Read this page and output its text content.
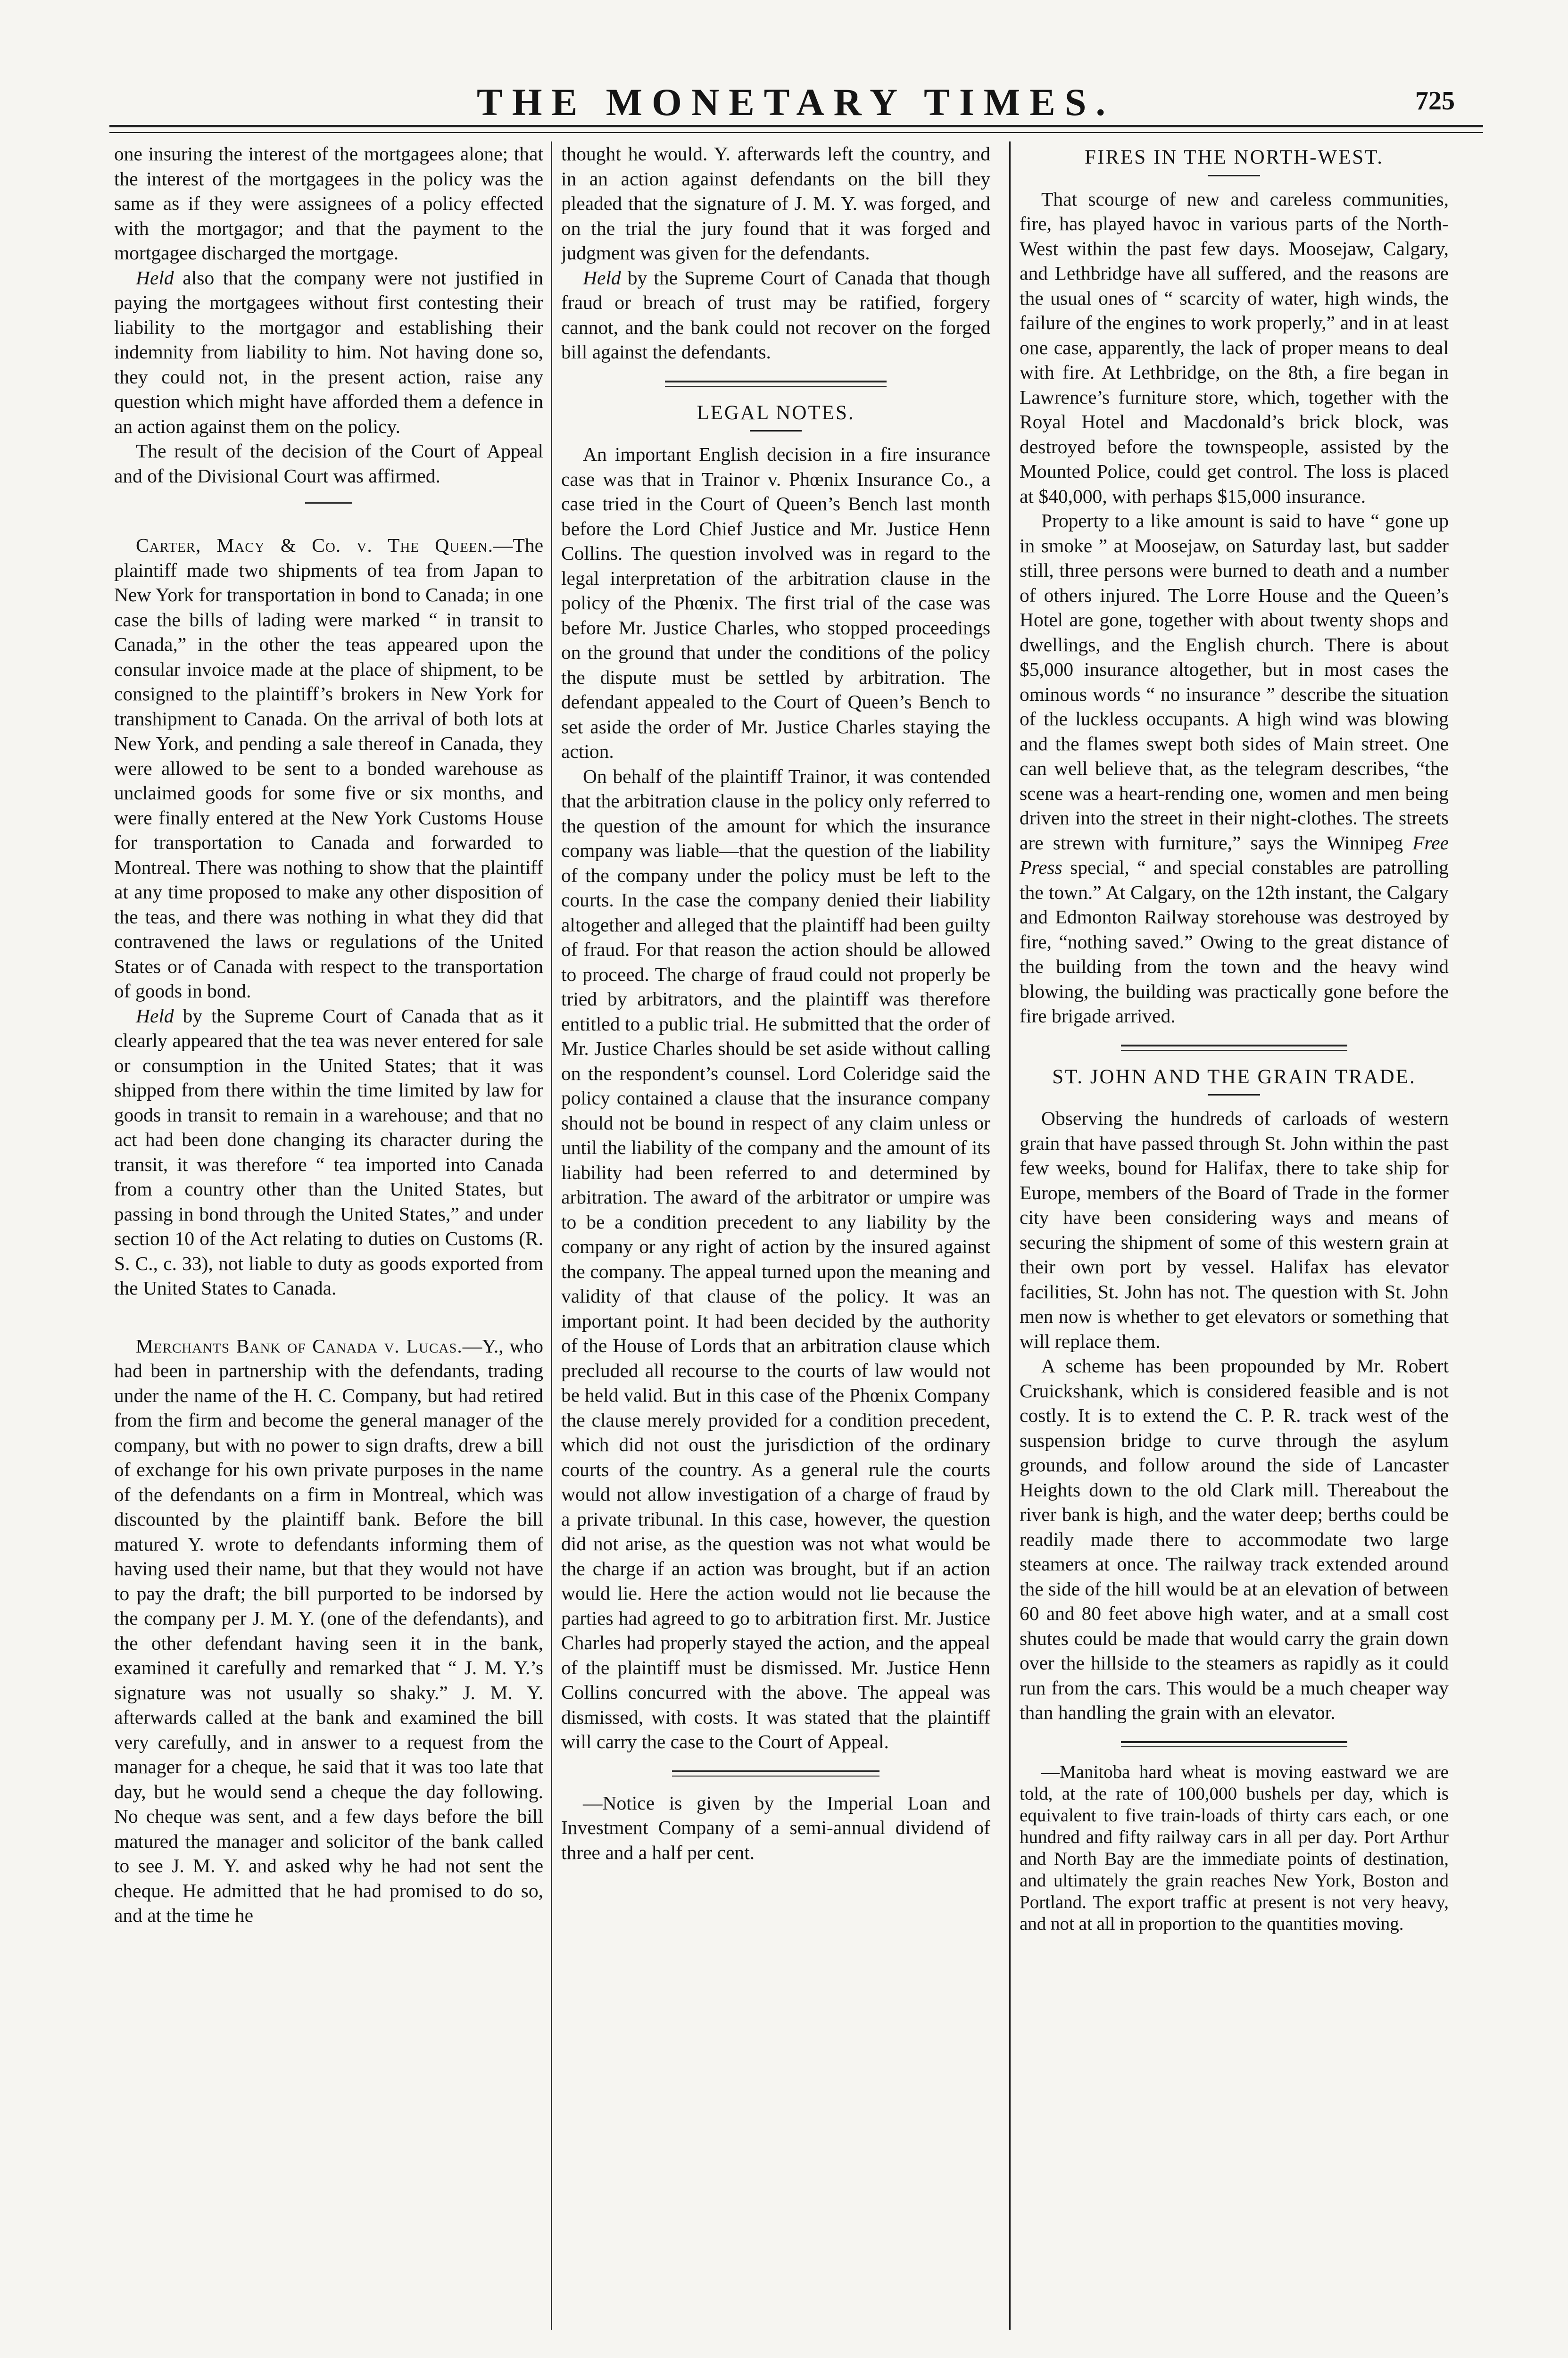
THE MONETARY TIMES.	725

one insuring the interest of the mortgagees alone; that the interest of the mortgagees in the policy was the same as if they were assignees of a policy effected with the mortgagor; and that the payment to the mortgagee discharged the mortgage.

Held also that the company were not justified in paying the mortgagees without first contesting their liability to the mortgagor and establishing their indemnity from liability to him. Not having done so, they could not, in the present action, raise any question which might have afforded them a defence in an action against them on the policy.

The result of the decision of the Court of Appeal and of the Divisional Court was affirmed.

Carter, Macy & Co. v. The Queen.—The plaintiff made two shipments of tea from Japan to New York for transportation in bond to Canada; in one case the bills of lading were marked “ in transit to Canada,” in the other the teas appeared upon the consular invoice made at the place of shipment, to be consigned to the plaintiff’s brokers in New York for transhipment to Canada. On the arrival of both lots at New York, and pending a sale thereof in Canada, they were allowed to be sent to a bonded warehouse as unclaimed goods for some five or six months, and were finally entered at the New York Customs House for transportation to Canada and forwarded to Montreal. There was nothing to show that the plaintiff at any time proposed to make any other disposition of the teas, and there was nothing in what they did that contravened the laws or regulations of the United States or of Canada with respect to the transportation of goods in bond.

Held by the Supreme Court of Canada that as it clearly appeared that the tea was never entered for sale or consumption in the United States; that it was shipped from there within the time limited by law for goods in transit to remain in a warehouse; and that no act had been done changing its character during the transit, it was therefore “ tea imported into Canada from a country other than the United States, but passing in bond through the United States,” and under section 10 of the Act relating to duties on Customs (R. S. C., c. 33), not liable to duty as goods exported from the United States to Canada.

Merchants Bank of Canada v. Lucas.—Y., who had been in partnership with the defendants, trading under the name of the H. C. Company, but had retired from the firm and become the general manager of the company, but with no power to sign drafts, drew a bill of exchange for his own private purposes in the name of the defendants on a firm in Montreal, which was discounted by the plaintiff bank. Before the bill matured Y. wrote to defendants informing them of having used their name, but that they would not have to pay the draft; the bill purported to be indorsed by the company per J. M. Y. (one of the defendants), and the other defendant having seen it in the bank, examined it carefully and remarked that “ J. M. Y.’s signature was not usually so shaky.” J. M. Y. afterwards called at the bank and examined the bill very carefully, and in answer to a request from the manager for a cheque, he said that it was too late that day, but he would send a cheque the day following. No cheque was sent, and a few days before the bill matured the manager and solicitor of the bank called to see J. M. Y. and asked why he had not sent the cheque. He admitted that he had promised to do so, and at the time he

thought he would. Y. afterwards left the country, and in an action against defendants on the bill they pleaded that the signature of J. M. Y. was forged, and on the trial the jury found that it was forged and judgment was given for the defendants.

Held by the Supreme Court of Canada that though fraud or breach of trust may be ratified, forgery cannot, and the bank could not recover on the forged bill against the defendants.

LEGAL NOTES.

An important English decision in a fire insurance case was that in Trainor v. Phœnix Insurance Co., a case tried in the Court of Queen’s Bench last month before the Lord Chief Justice and Mr. Justice Henn Collins. The question involved was in regard to the legal interpretation of the arbitration clause in the policy of the Phœnix. The first trial of the case was before Mr. Justice Charles, who stopped proceedings on the ground that under the conditions of the policy the dispute must be settled by arbitration. The defendant appealed to the Court of Queen’s Bench to set aside the order of Mr. Justice Charles staying the action.

On behalf of the plaintiff Trainor, it was contended that the arbitration clause in the policy only referred to the question of the amount for which the insurance company was liable—that the question of the liability of the company under the policy must be left to the courts. In the case the company denied their liability altogether and alleged that the plaintiff had been guilty of fraud. For that reason the action should be allowed to proceed. The charge of fraud could not properly be tried by arbitrators, and the plaintiff was therefore entitled to a public trial. He submitted that the order of Mr. Justice Charles should be set aside without calling on the respondent’s counsel. Lord Coleridge said the policy contained a clause that the insurance company should not be bound in respect of any claim unless or until the liability of the company and the amount of its liability had been referred to and determined by arbitration. The award of the arbitrator or umpire was to be a condition precedent to any liability by the company or any right of action by the insured against the company. The appeal turned upon the meaning and validity of that clause of the policy. It was an important point. It had been decided by the authority of the House of Lords that an arbitration clause which precluded all recourse to the courts of law would not be held valid. But in this case of the Phœnix Company the clause merely provided for a condition precedent, which did not oust the jurisdiction of the ordinary courts of the country. As a general rule the courts would not allow investigation of a charge of fraud by a private tribunal. In this case, however, the question did not arise, as the question was not what would be the charge if an action was brought, but if an action would lie. Here the action would not lie because the parties had agreed to go to arbitration first. Mr. Justice Charles had properly stayed the action, and the appeal of the plaintiff must be dismissed. Mr. Justice Henn Collins concurred with the above. The appeal was dismissed, with costs. It was stated that the plaintiff will carry the case to the Court of Appeal.

—Notice is given by the Imperial Loan and Investment Company of a semi-annual dividend of three and a half per cent.

FIRES IN THE NORTH-WEST.

That scourge of new and careless communities, fire, has played havoc in various parts of the North-West within the past few days. Moosejaw, Calgary, and Lethbridge have all suffered, and the reasons are the usual ones of “ scarcity of water, high winds, the failure of the engines to work properly,” and in at least one case, apparently, the lack of proper means to deal with fire. At Lethbridge, on the 8th, a fire began in Lawrence’s furniture store, which, together with the Royal Hotel and Macdonald’s brick block, was destroyed before the townspeople, assisted by the Mounted Police, could get control. The loss is placed at $40,000, with perhaps $15,000 insurance.

Property to a like amount is said to have “ gone up in smoke ” at Moosejaw, on Saturday last, but sadder still, three persons were burned to death and a number of others injured. The Lorre House and the Queen’s Hotel are gone, together with about twenty shops and dwellings, and the English church. There is about $5,000 insurance altogether, but in most cases the ominous words “ no insurance ” describe the situation of the luckless occupants. A high wind was blowing and the flames swept both sides of Main street. One can well believe that, as the telegram describes, “the scene was a heart-rending one, women and men being driven into the street in their night-clothes. The streets are strewn with furniture,” says the Winnipeg Free Press special, “ and special constables are patrolling the town.” At Calgary, on the 12th instant, the Calgary and Edmonton Railway storehouse was destroyed by fire, “nothing saved.” Owing to the great distance of the building from the town and the heavy wind blowing, the building was practically gone before the fire brigade arrived.

ST. JOHN AND THE GRAIN TRADE.

Observing the hundreds of carloads of western grain that have passed through St. John within the past few weeks, bound for Halifax, there to take ship for Europe, members of the Board of Trade in the former city have been considering ways and means of securing the shipment of some of this western grain at their own port by vessel. Halifax has elevator facilities, St. John has not. The question with St. John men now is whether to get elevators or something that will replace them.

A scheme has been propounded by Mr. Robert Cruickshank, which is considered feasible and is not costly. It is to extend the C. P. R. track west of the suspension bridge to curve through the asylum grounds, and follow around the side of Lancaster Heights down to the old Clark mill. Thereabout the river bank is high, and the water deep; berths could be readily made there to accommodate two large steamers at once. The railway track extended around the side of the hill would be at an elevation of between 60 and 80 feet above high water, and at a small cost shutes could be made that would carry the grain down over the hillside to the steamers as rapidly as it could run from the cars. This would be a much cheaper way than handling the grain with an elevator.

—Manitoba hard wheat is moving eastward we are told, at the rate of 100,000 bushels per day, which is equivalent to five train-loads of thirty cars each, or one hundred and fifty railway cars in all per day. Port Arthur and North Bay are the immediate points of destination, and ultimately the grain reaches New York, Boston and Portland. The export traffic at present is not very heavy, and not at all in proportion to the quantities moving.
